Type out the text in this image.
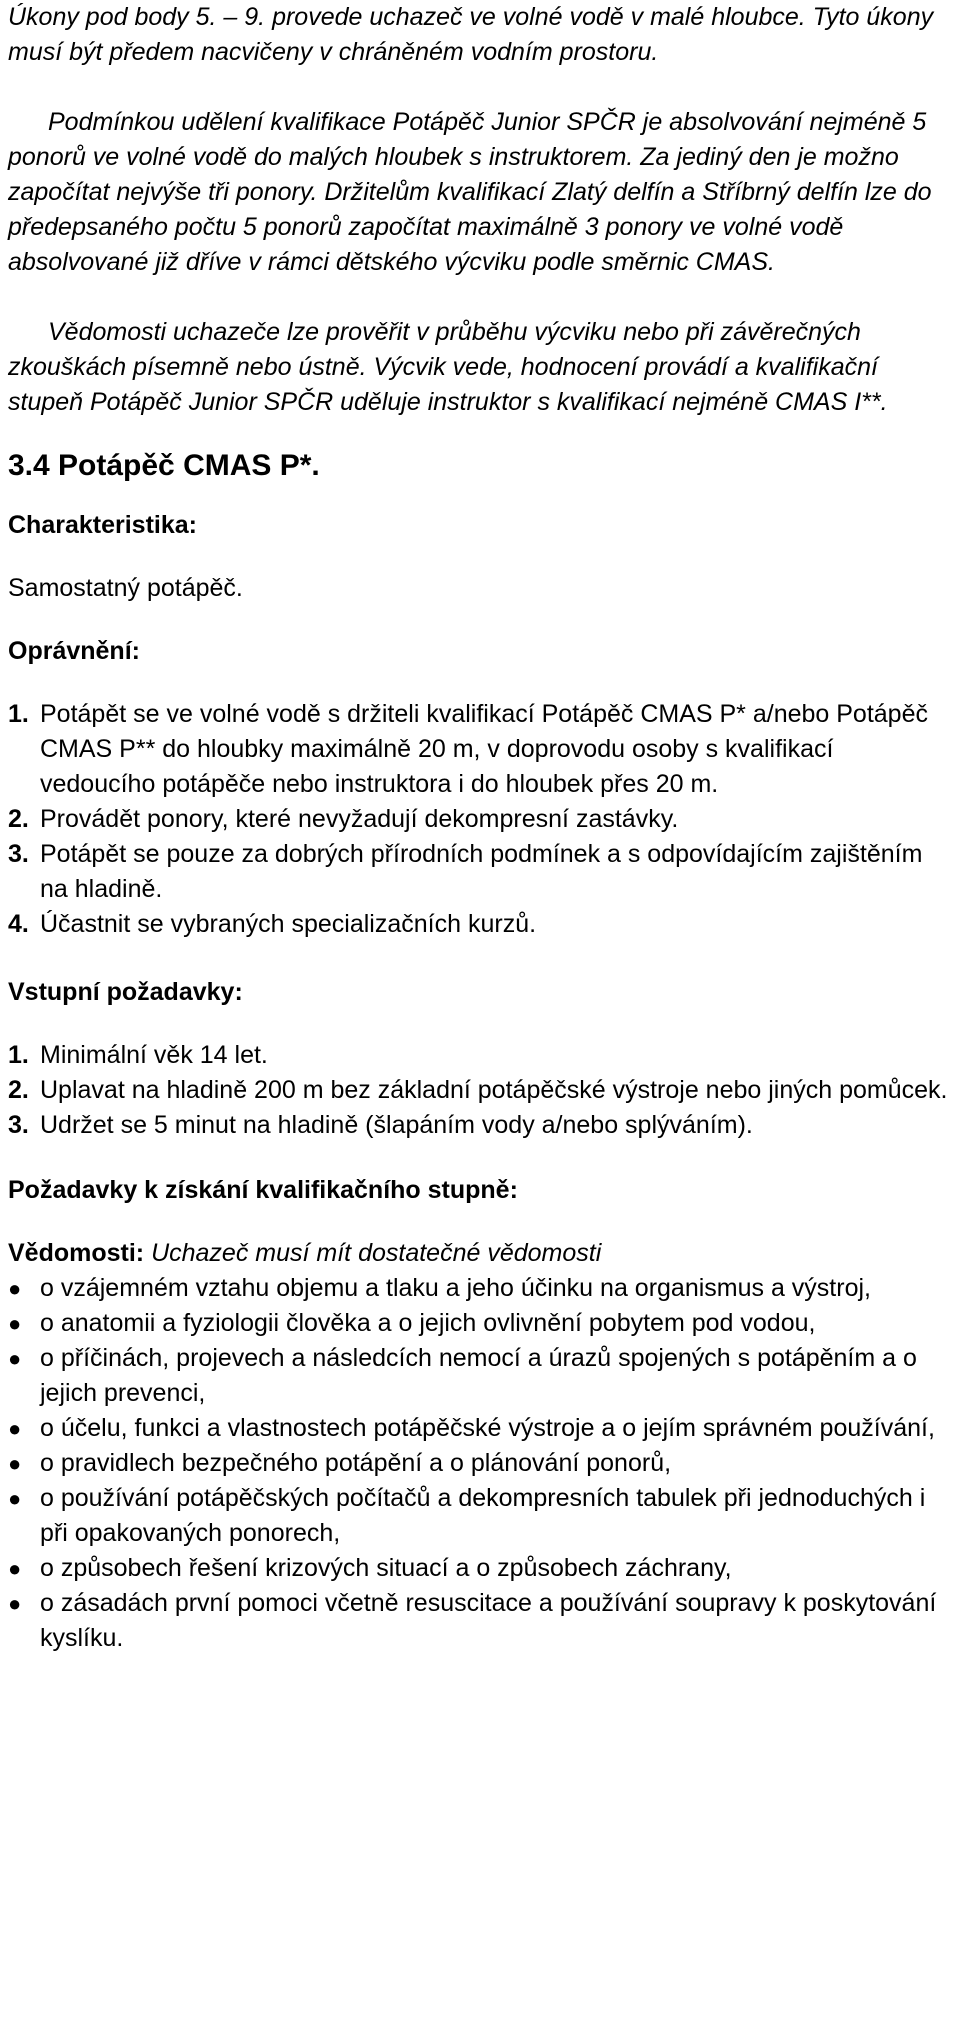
Úkony pod body 5. – 9. provede uchazeč ve volné vodě v malé hloubce. Tyto úkony musí být předem nacvičeny v chráněném vodním prostoru.

Podmínkou udělení kvalifikace Potápěč Junior SPČR je absolvování nejméně 5 ponorů ve volné vodě do malých hloubek s instruktorem. Za jediný den je možno započítat nejvýše tři ponory. Držitelům kvalifikací Zlatý delfín a Stříbrný delfín lze do předepsaného počtu 5 ponorů započítat maximálně 3 ponory ve volné vodě absolvované již dříve v rámci dětského výcviku podle směrnic CMAS.

Vědomosti uchazeče lze prověřit v průběhu výcviku nebo při závěrečných zkouškách písemně nebo ústně. Výcvik vede, hodnocení provádí a kvalifikační stupeň Potápěč Junior SPČR uděluje instruktor s kvalifikací nejméně CMAS I**.

3.4 Potápěč CMAS P*.
Charakteristika:

Samostatný potápěč.

Oprávnění:
1. Potápět se ve volné vodě s držiteli kvalifikací Potápěč CMAS P* a/nebo Potápěč CMAS P** do hloubky maximálně 20 m, v doprovodu osoby s kvalifikací vedoucího potápěče nebo instruktora i do hloubek přes 20 m.
2. Provádět ponory, které nevyžadují dekompresní zastávky.
3. Potápět se pouze za dobrých přírodních podmínek a s odpovídajícím zajištěním na hladině.
4. Účastnit se vybraných specializačních kurzů.
Vstupní požadavky:
1. Minimální věk 14 let.
2. Uplavat na hladině 200 m bez základní potápěčské výstroje nebo jiných pomůcek.
3. Udržet se 5 minut na hladině (šlapáním vody a/nebo splýváním).
Požadavky k získání kvalifikačního stupně:

Vědomosti: Uchazeč musí mít dostatečné vědomosti

● o vzájemném vztahu objemu a tlaku a jeho účinku na organismus a výstroj,
● o anatomii a fyziologii člověka a o jejich ovlivnění pobytem pod vodou,
● o příčinách, projevech a následcích nemocí a úrazů spojených s potápěním a o jejich prevenci,
● o účelu, funkci a vlastnostech potápěčské výstroje a o jejím správném používání,
● o pravidlech bezpečného potápění a o plánování ponorů,
● o používání potápěčských počítačů a dekompresních tabulek při jednoduchých i při opakovaných ponorech,
● o způsobech řešení krizových situací a o způsobech záchrany,
● o zásadách první pomoci včetně resuscitace a používání soupravy k poskytování kyslíku.
